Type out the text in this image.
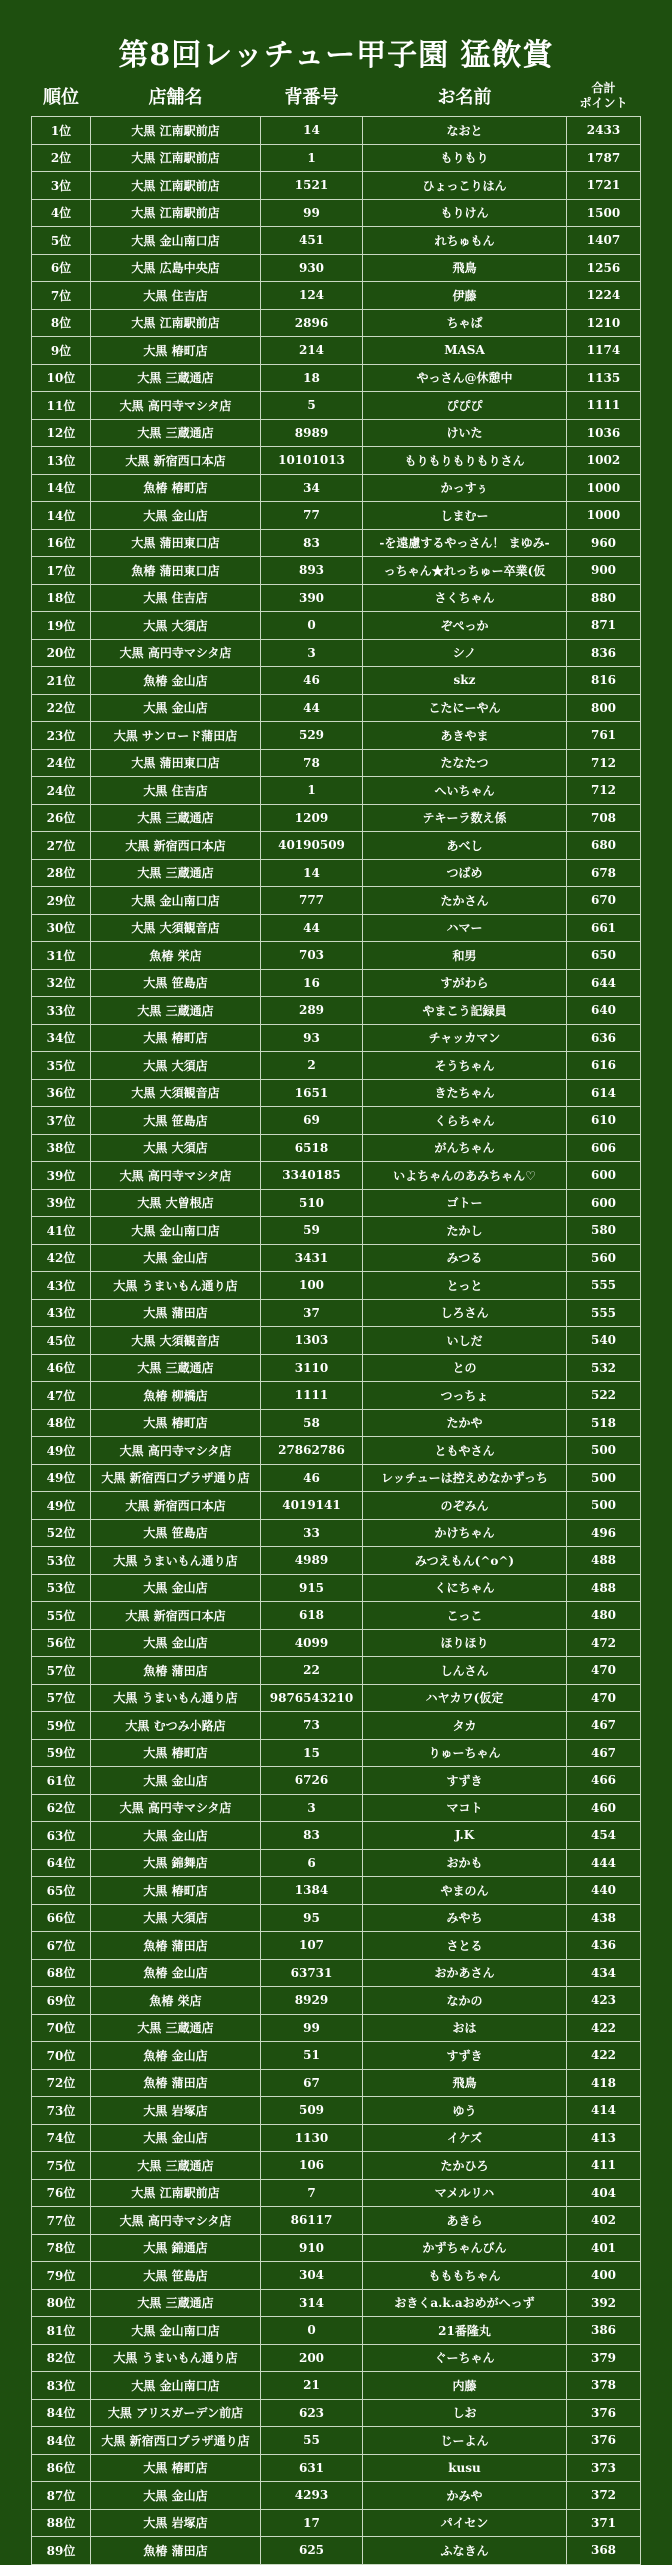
第8回レッチュー甲子園 猛飲賞
順位	店舗名	背番号	お名前	合計
ポイント
1位	大黒 江南駅前店	14	なおと	2433
2位	大黒 江南駅前店	1	もりもり	1787
3位	大黒 江南駅前店	1521	ひょっこりはん	1721
4位	大黒 江南駅前店	99	もりけん	1500
5位	大黒 金山南口店	451	れちゅもん	1407
6位	大黒 広島中央店	930	飛鳥	1256
7位	大黒 住吉店	124	伊藤	1224
8位	大黒 江南駅前店	2896	ちゃぱ	1210
9位	大黒 椿町店	214	MASA	1174
10位	大黒 三蔵通店	18	やっさん@休憩中	1135
11位	大黒 高円寺マシタ店	5	ぴぴぴ	1111
12位	大黒 三蔵通店	8989	けいた	1036
13位	大黒 新宿西口本店	10101013	もりもりもりもりさん	1002
14位	魚椿 椿町店	34	かっすぅ	1000
14位	大黒 金山店	77	しまむー	1000
16位	大黒 蒲田東口店	83	-を遠慮するやっさん！ まゆみ-	960
17位	魚椿 蒲田東口店	893	っちゃん★れっちゅー卒業(仮	900
18位	大黒 住吉店	390	さくちゃん	880
19位	大黒 大須店	0	ぞぺっか	871
20位	大黒 高円寺マシタ店	3	シノ	836
21位	魚椿 金山店	46	skz	816
22位	大黒 金山店	44	こたにーやん	800
23位	大黒 サンロード蒲田店	529	あきやま	761
24位	大黒 蒲田東口店	78	たなたつ	712
24位	大黒 住吉店	1	へいちゃん	712
26位	大黒 三蔵通店	1209	テキーラ数え係	708
27位	大黒 新宿西口本店	40190509	あべし	680
28位	大黒 三蔵通店	14	つばめ	678
29位	大黒 金山南口店	777	たかさん	670
30位	大黒 大須観音店	44	ハマー	661
31位	魚椿 栄店	703	和男	650
32位	大黒 笹島店	16	すがわら	644
33位	大黒 三蔵通店	289	やまこう記録員	640
34位	大黒 椿町店	93	チャッカマン	636
35位	大黒 大須店	2	そうちゃん	616
36位	大黒 大須観音店	1651	きたちゃん	614
37位	大黒 笹島店	69	くらちゃん	610
38位	大黒 大須店	6518	がんちゃん	606
39位	大黒 高円寺マシタ店	3340185	いよちゃんのあみちゃん♡	600
39位	大黒 大曽根店	510	ゴトー	600
41位	大黒 金山南口店	59	たかし	580
42位	大黒 金山店	3431	みつる	560
43位	大黒 うまいもん通り店	100	とっと	555
43位	大黒 蒲田店	37	しろさん	555
45位	大黒 大須観音店	1303	いしだ	540
46位	大黒 三蔵通店	3110	との	532
47位	魚椿 柳橋店	1111	つっちょ	522
48位	大黒 椿町店	58	たかや	518
49位	大黒 高円寺マシタ店	27862786	ともやさん	500
49位	大黒 新宿西口プラザ通り店	46	レッチューは控えめなかずっち	500
49位	大黒 新宿西口本店	4019141	のぞみん	500
52位	大黒 笹島店	33	かけちゃん	496
53位	大黒 うまいもん通り店	4989	みつえもん(^o^)	488
53位	大黒 金山店	915	くにちゃん	488
55位	大黒 新宿西口本店	618	こっこ	480
56位	大黒 金山店	4099	ほりほり	472
57位	魚椿 蒲田店	22	しんさん	470
57位	大黒 うまいもん通り店	9876543210	ハヤカワ(仮定	470
59位	大黒 むつみ小路店	73	タカ	467
59位	大黒 椿町店	15	りゅーちゃん	467
61位	大黒 金山店	6726	すずき	466
62位	大黒 高円寺マシタ店	3	マコト	460
63位	大黒 金山店	83	J.K	454
64位	大黒 錦舞店	6	おかも	444
65位	大黒 椿町店	1384	やまのん	440
66位	大黒 大須店	95	みやち	438
67位	魚椿 蒲田店	107	さとる	436
68位	魚椿 金山店	63731	おかあさん	434
69位	魚椿 栄店	8929	なかの	423
70位	大黒 三蔵通店	99	おは	422
70位	魚椿 金山店	51	すずき	422
72位	魚椿 蒲田店	67	飛鳥	418
73位	大黒 岩塚店	509	ゆう	414
74位	大黒 金山店	1130	イケズ	413
75位	大黒 三蔵通店	106	たかひろ	411
76位	大黒 江南駅前店	7	マメルリハ	404
77位	大黒 高円寺マシタ店	86117	あきら	402
78位	大黒 錦通店	910	かずちゃんびん	401
79位	大黒 笹島店	304	もももちゃん	400
80位	大黒 三蔵通店	314	おきくa.k.aおめがへっず	392
81位	大黒 金山南口店	0	21番隆丸	386
82位	大黒 うまいもん通り店	200	ぐーちゃん	379
83位	大黒 金山南口店	21	内藤	378
84位	大黒 アリスガーデン前店	623	しお	376
84位	大黒 新宿西口プラザ通り店	55	じーよん	376
86位	大黒 椿町店	631	kusu	373
87位	大黒 金山店	4293	かみや	372
88位	大黒 岩塚店	17	パイセン	371
89位	魚椿 蒲田店	625	ふなきん	368
